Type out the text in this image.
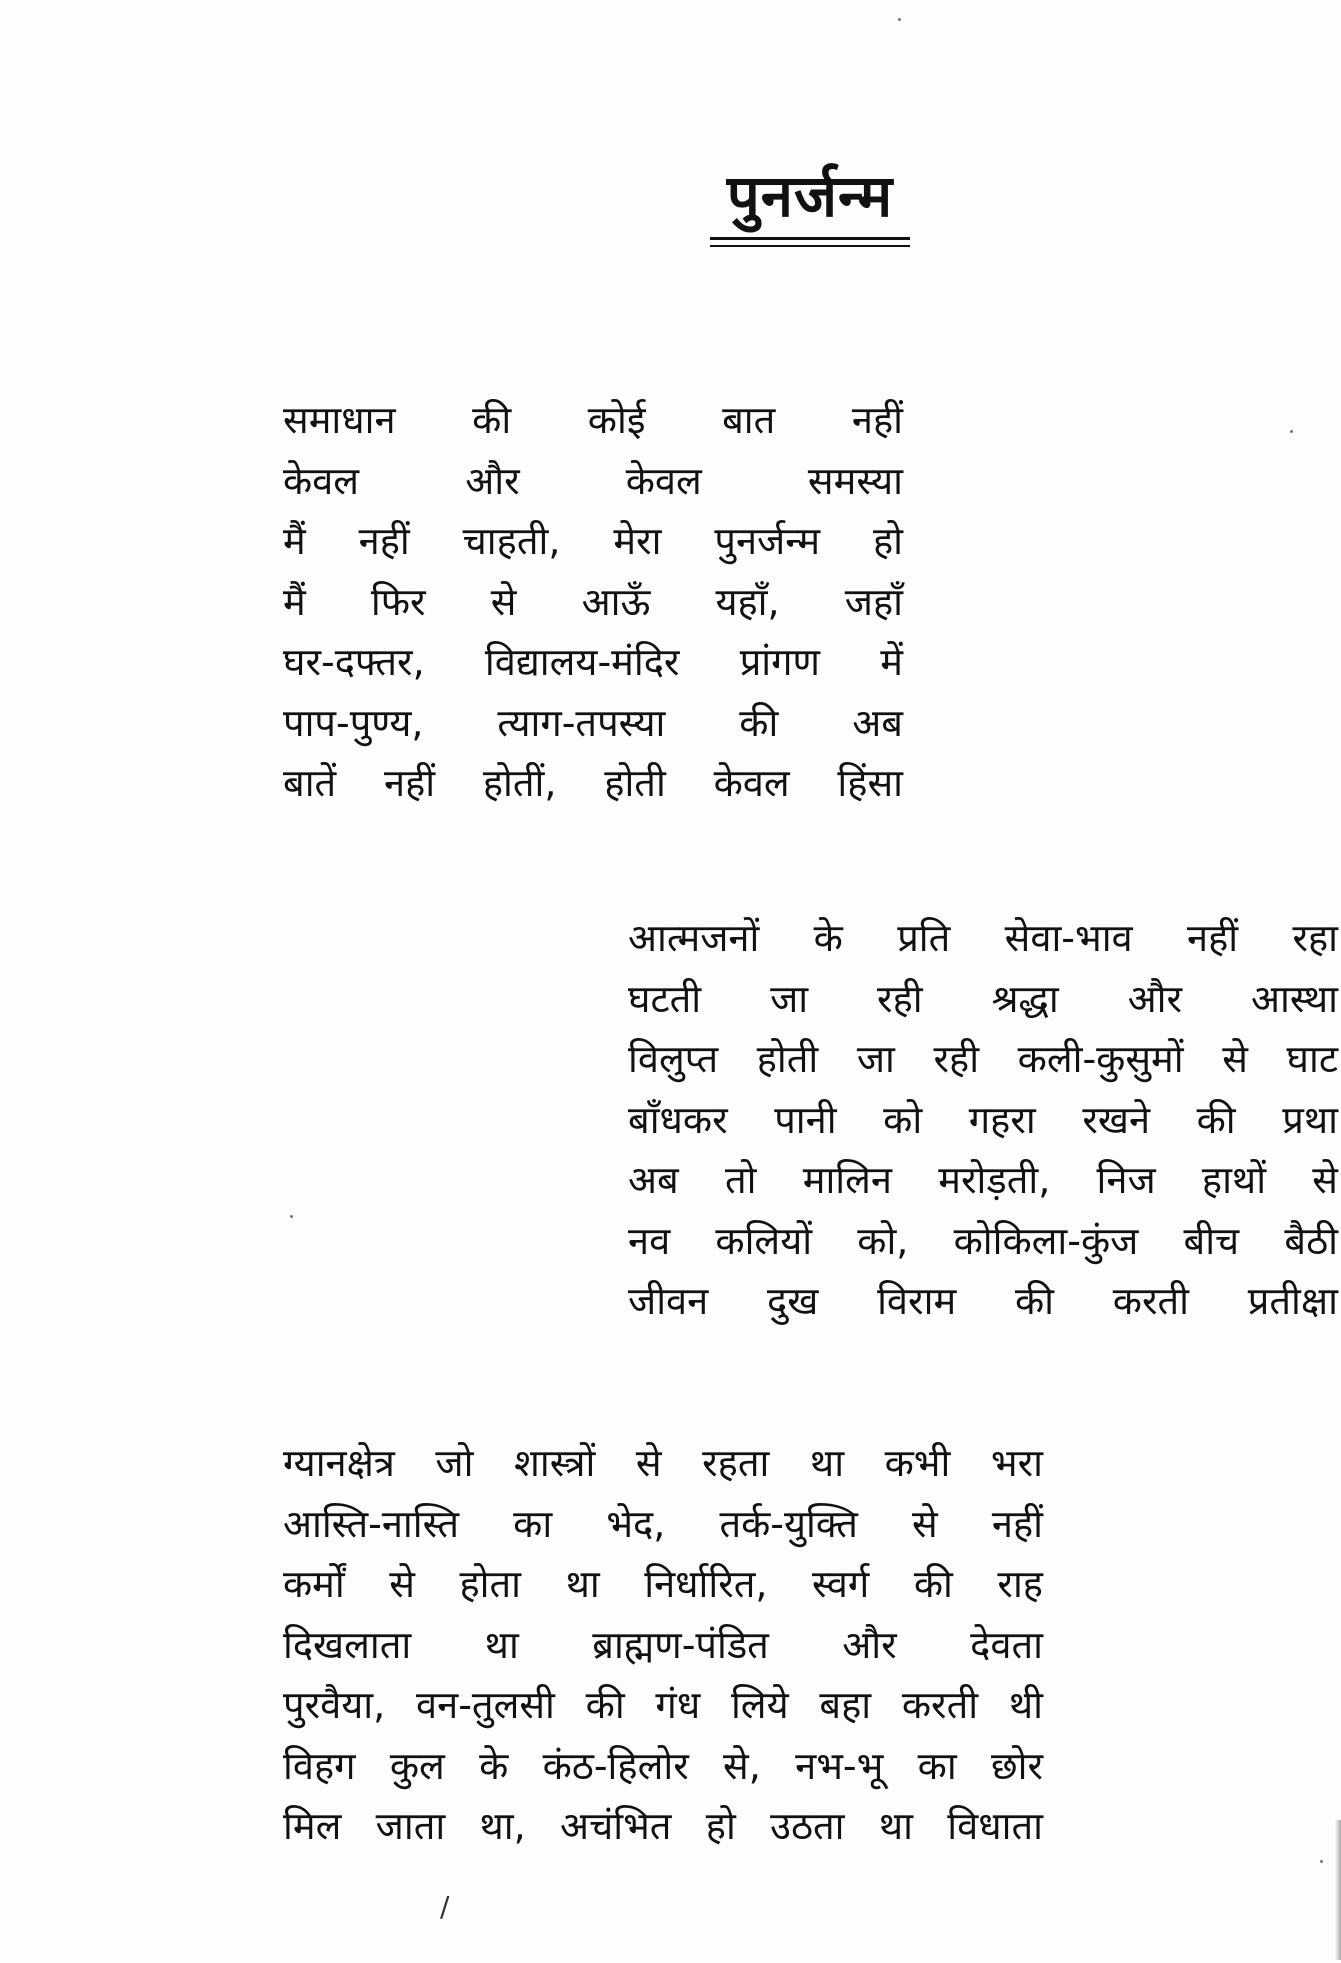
पुनर्जन्म
समाधान की कोई बात नहीं
केवल और केवल समस्या
मैं नहीं चाहती, मेरा पुनर्जन्म हो
मैं फिर से आऊँ यहाँ, जहाँ
घर-दफ्तर, विद्यालय-मंदिर प्रांगण में
पाप-पुण्य, त्याग-तपस्या की अब
बातें नहीं होतीं, होती केवल हिंसा
आत्मजनों के प्रति सेवा-भाव नहीं रहा
घटती जा रही श्रद्धा और आस्था
विलुप्त होती जा रही कली-कुसुमों से घाट
बाँधकर पानी को गहरा रखने की प्रथा
अब तो मालिन मरोड़ती, निज हाथों से
नव कलियों को, कोकिला-कुंज बीच बैठी
जीवन दुख विराम की करती प्रतीक्षा
ग्यानक्षेत्र जो शास्त्रों से रहता था कभी भरा
आस्ति-नास्ति का भेद, तर्क-युक्ति से नहीं
कर्मों से होता था निर्धारित, स्वर्ग की राह
दिखलाता था ब्राह्मण-पंडित और देवता
पुरवैया, वन-तुलसी की गंध लिये बहा करती थी
विहग कुल के कंठ-हिलोर से, नभ-भू का छोर
मिल जाता था, अचंभित हो उठता था विधाता
/
